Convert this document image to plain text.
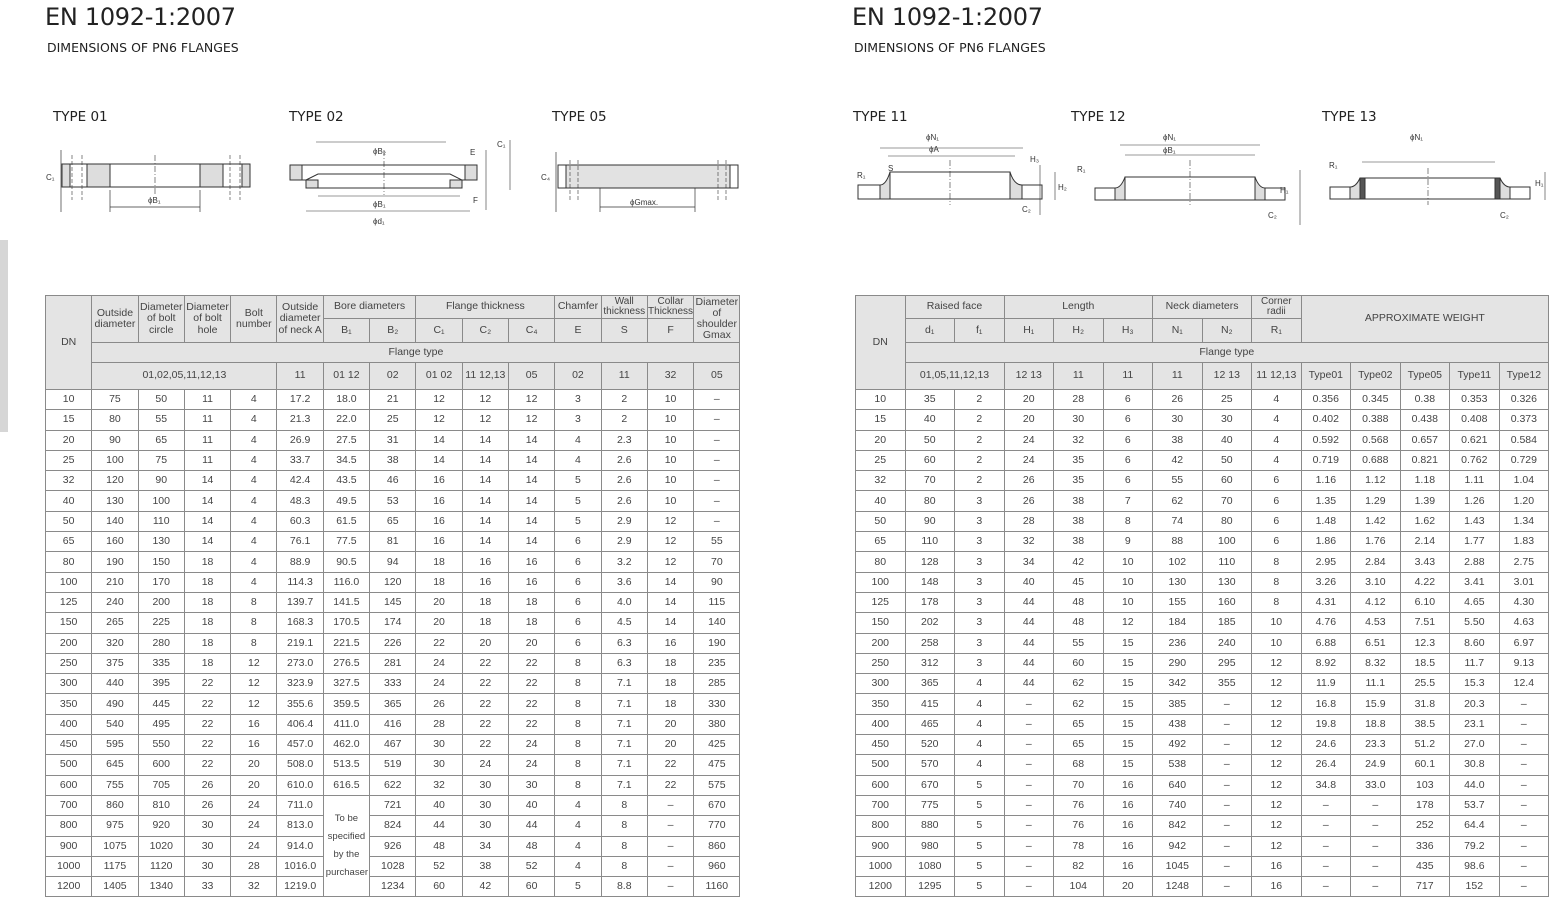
EN 1092-1:2007

DIMENSIONS OF PN6 FLANGES

TYPE 01	TYPE 02	TYPE 05
C₁
ϕB₁
ϕB₂
ϕB₁
ϕd₁
E
C₁
F
C₄
ϕGmax.
DN	Outside diameter	Diameter of bolt circle	Diameter of bolt hole	Bolt number	Outside diameter of neck A	Bore diameters		Flange thickness			Chamfer	Wall thickness	Collar Thickness	Diameter of shoulder Gmax
						B₁	B₂	C₁	C₂	C₄	E	S	F	
	Flange type													
	01,02,05,11,12,13				11	01 12	02	01 02	11 12,13	05	02	11	32	05
10	75	50	11	4	17.2	18.0	21	12	12	12	3	2	10	–
15	80	55	11	4	21.3	22.0	25	12	12	12	3	2	10	–
20	90	65	11	4	26.9	27.5	31	14	14	14	4	2.3	10	–
25	100	75	11	4	33.7	34.5	38	14	14	14	4	2.6	10	–
32	120	90	14	4	42.4	43.5	46	16	14	14	5	2.6	10	–
40	130	100	14	4	48.3	49.5	53	16	14	14	5	2.6	10	–
50	140	110	14	4	60.3	61.5	65	16	14	14	5	2.9	12	–
65	160	130	14	4	76.1	77.5	81	16	14	14	6	2.9	12	55
80	190	150	18	4	88.9	90.5	94	18	16	16	6	3.2	12	70
100	210	170	18	4	114.3	116.0	120	18	16	16	6	3.6	14	90
125	240	200	18	8	139.7	141.5	145	20	18	18	6	4.0	14	115
150	265	225	18	8	168.3	170.5	174	20	18	18	6	4.5	14	140
200	320	280	18	8	219.1	221.5	226	22	20	20	6	6.3	16	190
250	375	335	18	12	273.0	276.5	281	24	22	22	8	6.3	18	235
300	440	395	22	12	323.9	327.5	333	24	22	22	8	7.1	18	285
350	490	445	22	12	355.6	359.5	365	26	22	22	8	7.1	18	330
400	540	495	22	16	406.4	411.0	416	28	22	22	8	7.1	20	380
450	595	550	22	16	457.0	462.0	467	30	22	24	8	7.1	20	425
500	645	600	22	20	508.0	513.5	519	30	24	24	8	7.1	22	475
600	755	705	26	20	610.0	616.5	622	32	30	30	8	7.1	22	575
700	860	810	26	24	711.0	To be specified by the purchaser	721	40	30	40	4	8	–	670
800	975	920	30	24	813.0		824	44	30	44	4	8	–	770
900	1075	1020	30	24	914.0		926	48	34	48	4	8	–	860
1000	1175	1120	30	28	1016.0		1028	52	38	52	4	8	–	960
1200	1405	1340	33	32	1219.0		1234	60	42	60	5	8.8	–	1160
EN 1092-1:2007

DIMENSIONS OF PN6 FLANGES

TYPE 11	TYPE 12	TYPE 13
ϕN₁
ϕA
S
R₁
H₃
H₂
C₂
ϕN₁
ϕB₁
R₁
H₁
C₂
ϕN₁
R₁
H₁
C₂
DN	Raised face		Length			Neck diameters		Corner radii	APPROXIMATE WEIGHT				
	d₁	f₁	H₁	H₂	H₃	N₁	N₂	R₁					
	Flange type												
	01,05,11,12,13		12 13	11	11	11	12 13	11 12,13	Type01	Type02	Type05	Type11	Type12
10	35	2	20	28	6	26	25	4	0.356	0.345	0.38	0.353	0.326
15	40	2	20	30	6	30	30	4	0.402	0.388	0.438	0.408	0.373
20	50	2	24	32	6	38	40	4	0.592	0.568	0.657	0.621	0.584
25	60	2	24	35	6	42	50	4	0.719	0.688	0.821	0.762	0.729
32	70	2	26	35	6	55	60	6	1.16	1.12	1.18	1.11	1.04
40	80	3	26	38	7	62	70	6	1.35	1.29	1.39	1.26	1.20
50	90	3	28	38	8	74	80	6	1.48	1.42	1.62	1.43	1.34
65	110	3	32	38	9	88	100	6	1.86	1.76	2.14	1.77	1.83
80	128	3	34	42	10	102	110	8	2.95	2.84	3.43	2.88	2.75
100	148	3	40	45	10	130	130	8	3.26	3.10	4.22	3.41	3.01
125	178	3	44	48	10	155	160	8	4.31	4.12	6.10	4.65	4.30
150	202	3	44	48	12	184	185	10	4.76	4.53	7.51	5.50	4.63
200	258	3	44	55	15	236	240	10	6.88	6.51	12.3	8.60	6.97
250	312	3	44	60	15	290	295	12	8.92	8.32	18.5	11.7	9.13
300	365	4	44	62	15	342	355	12	11.9	11.1	25.5	15.3	12.4
350	415	4	–	62	15	385	–	12	16.8	15.9	31.8	20.3	–
400	465	4	–	65	15	438	–	12	19.8	18.8	38.5	23.1	–
450	520	4	–	65	15	492	–	12	24.6	23.3	51.2	27.0	–
500	570	4	–	68	15	538	–	12	26.4	24.9	60.1	30.8	–
600	670	5	–	70	16	640	–	12	34.8	33.0	103	44.0	–
700	775	5	–	76	16	740	–	12	–	–	178	53.7	–
800	880	5	–	76	16	842	–	12	–	–	252	64.4	–
900	980	5	–	78	16	942	–	12	–	–	336	79.2	–
1000	1080	5	–	82	16	1045	–	16	–	–	435	98.6	–
1200	1295	5	–	104	20	1248	–	16	–	–	717	152	–
